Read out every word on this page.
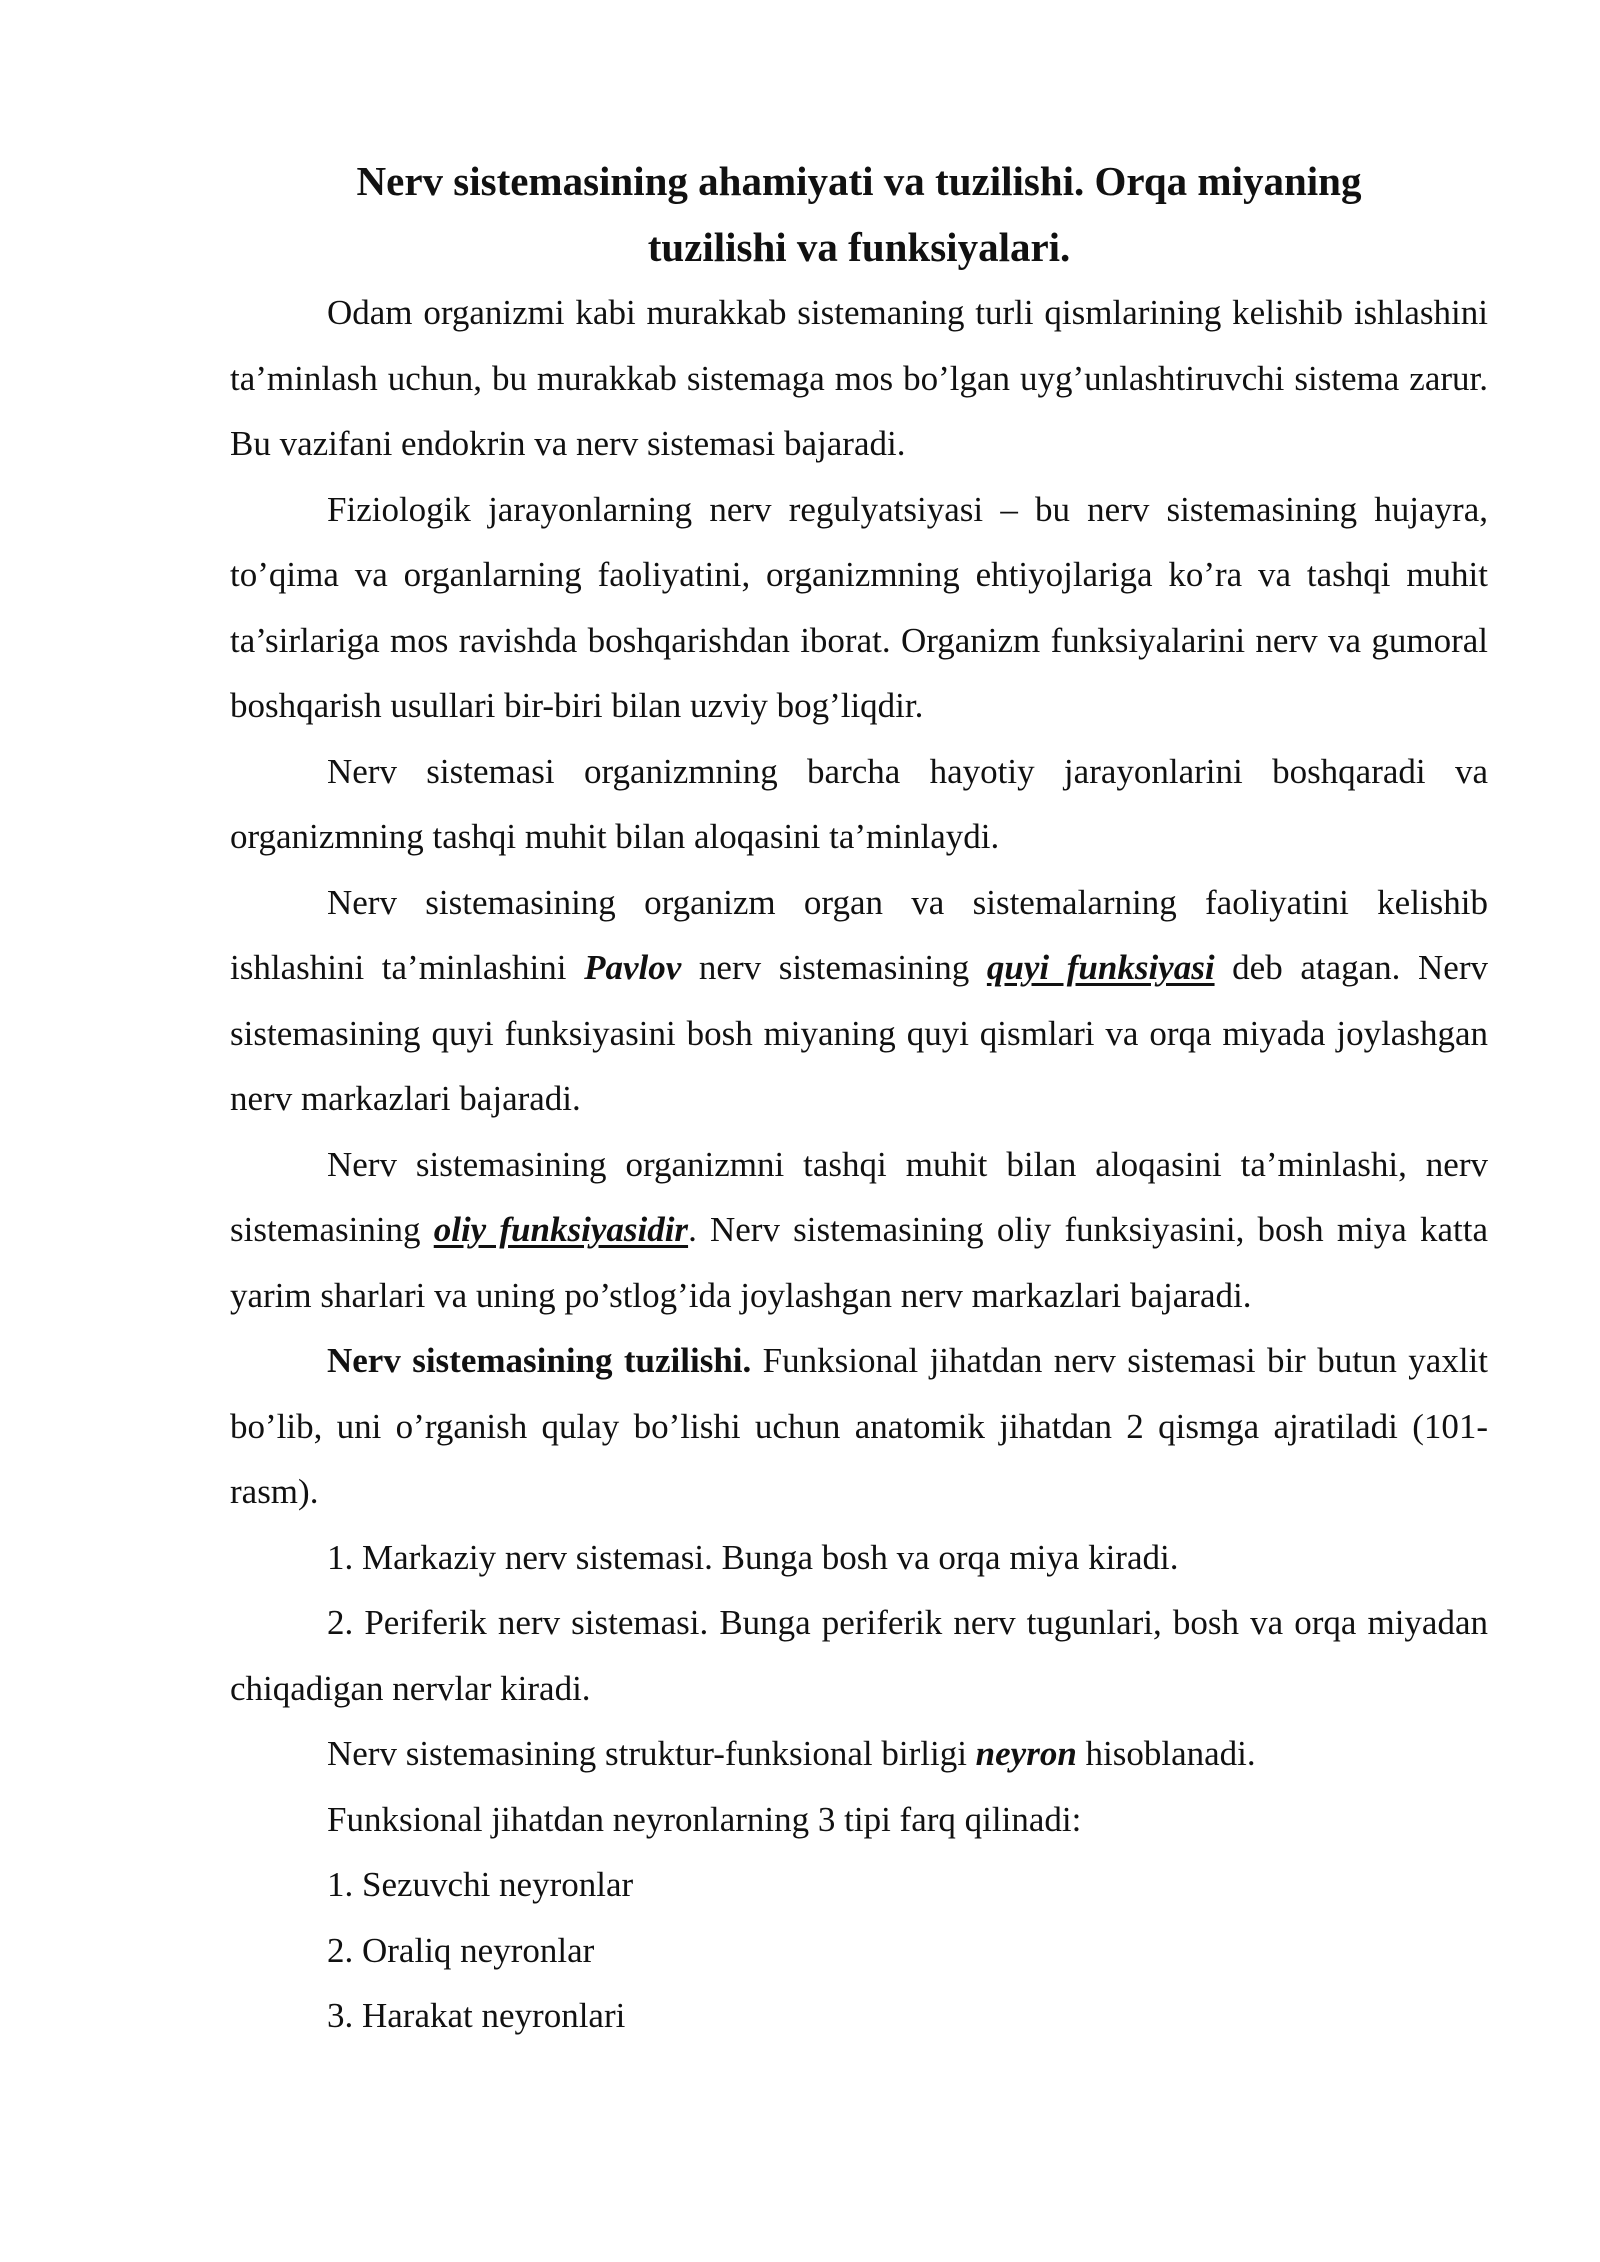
Nerv sistemasining ahamiyati va tuzilishi. Orqa miyaning
tuzilishi va funksiyalari.

Odam organizmi kabi murakkab sistemaning turli qismlarining kelishib ishlashini ta’minlash uchun, bu murakkab sistemaga mos bo’lgan uyg’unlashtiruvchi sistema zarur. Bu vazifani endokrin va nerv sistemasi bajaradi.

Fiziologik jarayonlarning nerv regulyatsiyasi – bu nerv sistemasining hujayra, to’qima va organlarning faoliyatini, organizmning ehtiyojlariga ko’ra va tashqi muhit ta’sirlariga mos ravishda boshqarishdan iborat. Organizm funksiyalarini nerv va gumoral boshqarish usullari bir-biri bilan uzviy bog’liqdir.

Nerv sistemasi organizmning barcha hayotiy jarayonlarini boshqaradi va organizmning tashqi muhit bilan aloqasini ta’minlaydi.

Nerv sistemasining organizm organ va sistemalarning faoliyatini kelishib ishlashini ta’minlashini Pavlov nerv sistemasining quyi funksiyasi deb atagan. Nerv sistemasining quyi funksiyasini bosh miyaning quyi qismlari va orqa miyada joylashgan nerv markazlari bajaradi.

Nerv sistemasining organizmni tashqi muhit bilan aloqasini ta’minlashi, nerv sistemasining oliy funksiyasidir. Nerv sistemasining oliy funksiyasini, bosh miya katta yarim sharlari va uning po’stlog’ida joylashgan nerv markazlari bajaradi.

Nerv sistemasining tuzilishi. Funksional jihatdan nerv sistemasi bir butun yaxlit bo’lib, uni o’rganish qulay bo’lishi uchun anatomik jihatdan 2 qismga ajratiladi (101-rasm).

1. Markaziy nerv sistemasi. Bunga bosh va orqa miya kiradi.

2. Periferik nerv sistemasi. Bunga periferik nerv tugunlari, bosh va orqa miyadan chiqadigan nervlar kiradi.

Nerv sistemasining struktur-funksional birligi neyron hisoblanadi.

Funksional jihatdan neyronlarning 3 tipi farq qilinadi:

1. Sezuvchi neyronlar

2. Oraliq neyronlar

3. Harakat neyronlari
